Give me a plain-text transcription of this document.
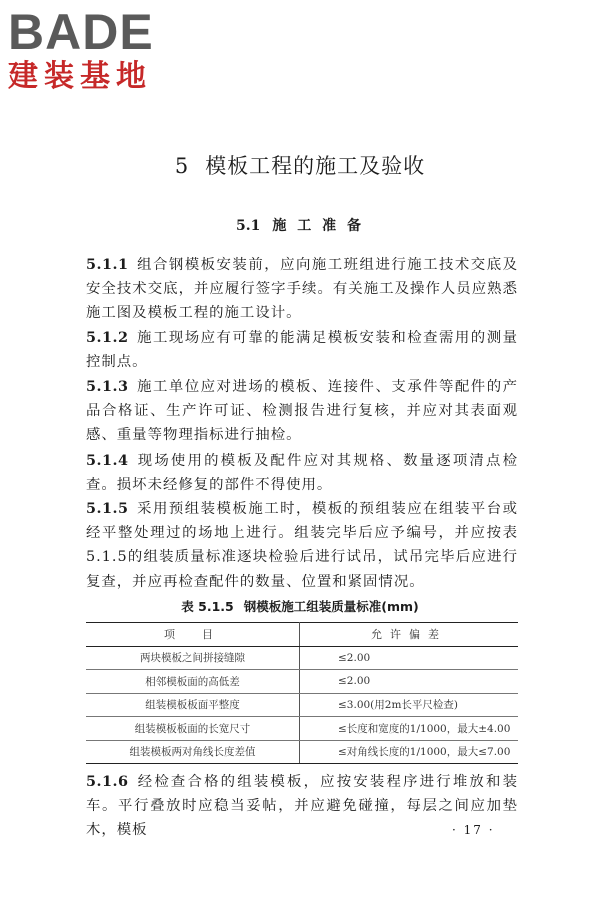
BADE
建装基地
5 模板工程的施工及验收
5.1 施 工 准 备

5.1.1 组合钢模板安装前，应向施工班组进行施工技术交底及安全技术交底，并应履行签字手续。有关施工及操作人员应熟悉施工图及模板工程的施工设计。

5.1.2 施工现场应有可靠的能满足模板安装和检查需用的测量控制点。

5.1.3 施工单位应对进场的模板、连接件、支承件等配件的产品合格证、生产许可证、检测报告进行复核，并应对其表面观感、重量等物理指标进行抽检。

5.1.4 现场使用的模板及配件应对其规格、数量逐项清点检查。损坏未经修复的部件不得使用。

5.1.5 采用预组装模板施工时，模板的预组装应在组装平台或经平整处理过的场地上进行。组装完毕后应予编号，并应按表5.1.5的组装质量标准逐块检验后进行试吊，试吊完毕后应进行复查，并应再检查配件的数量、位置和紧固情况。

表 5.1.5 钢模板施工组装质量标准(mm)
项　目	允许偏差
两块模板之间拼接缝隙	≤2.00
相邻模板面的高低差	≤2.00
组装模板板面平整度	≤3.00(用2m长平尺检查)
组装模板板面的长宽尺寸	≤长度和宽度的1/1000，最大±4.00
组装模板两对角线长度差值	≤对角线长度的1/1000，最大≤7.00

5.1.6 经检查合格的组装模板，应按安装程序进行堆放和装车。平行叠放时应稳当妥帖，并应避免碰撞，每层之间应加垫木，模板	· 17 ·
